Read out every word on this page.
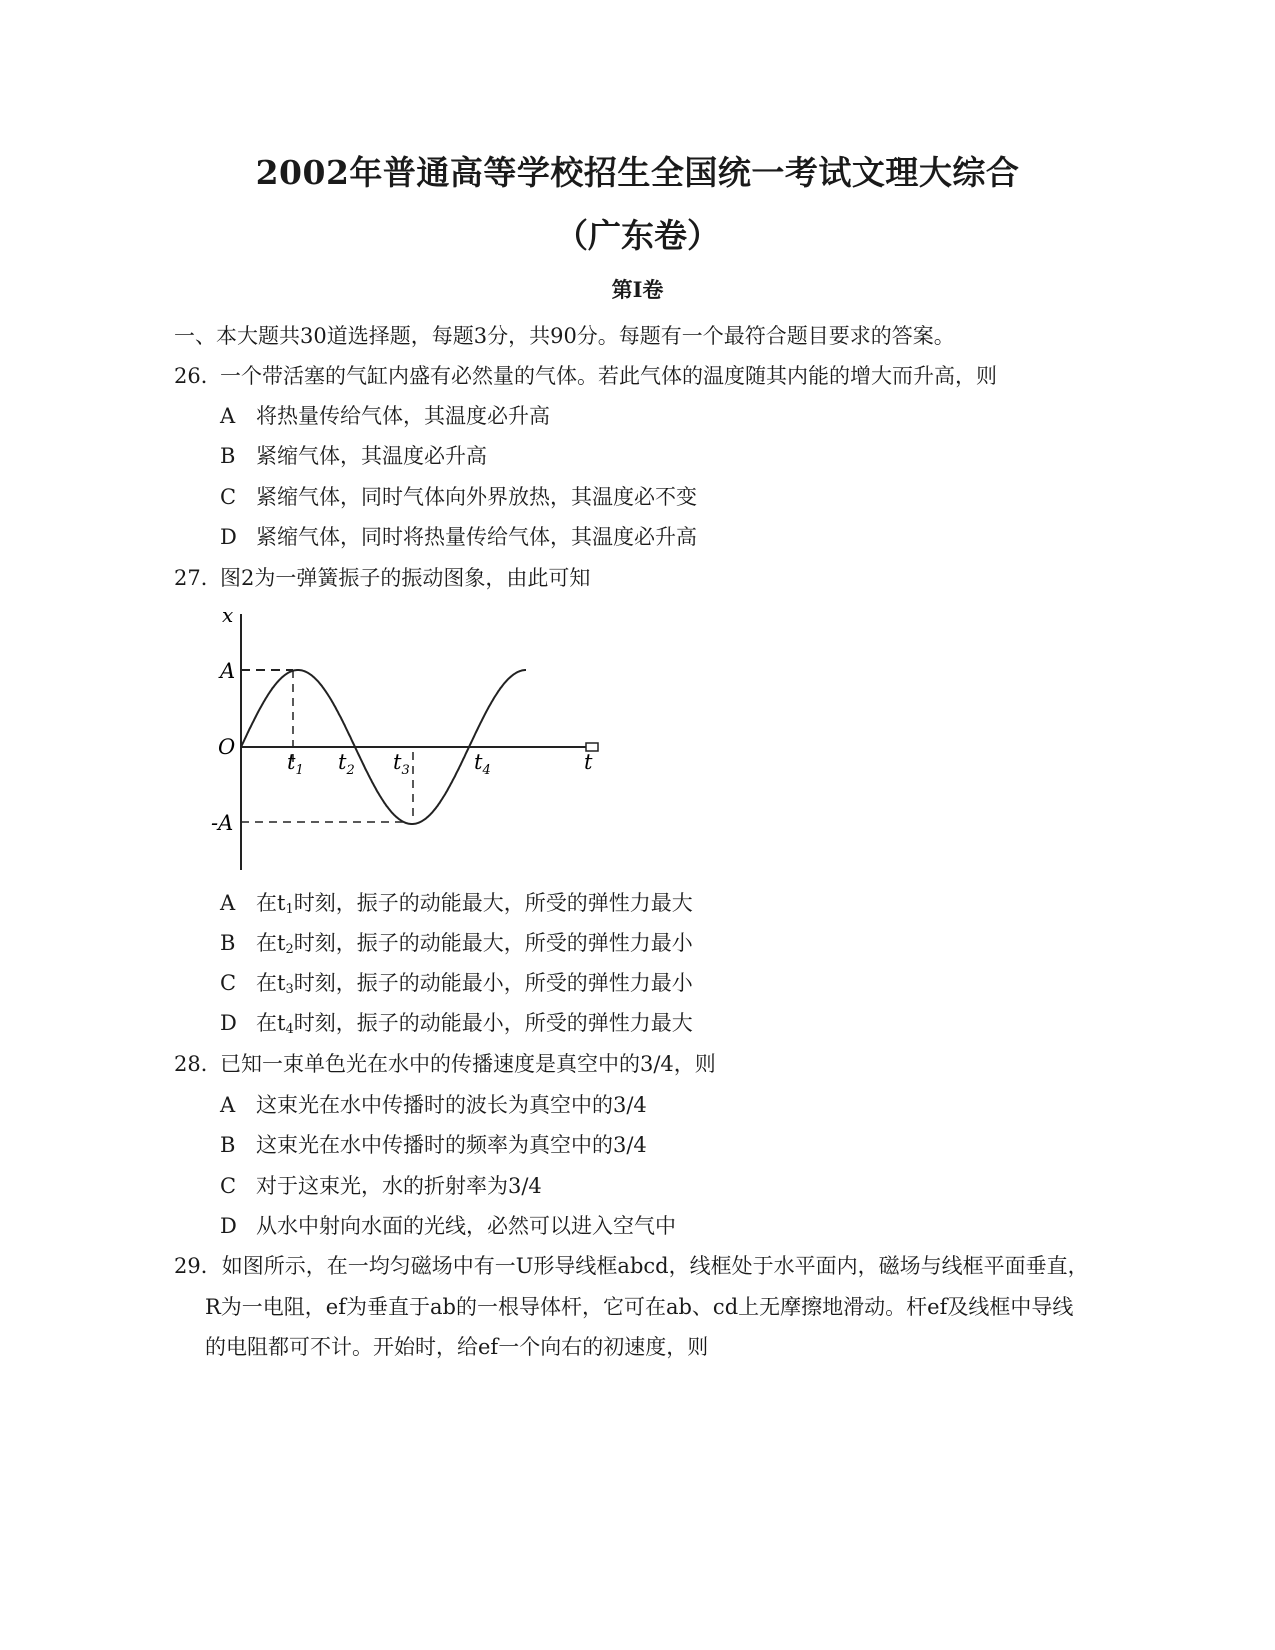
2002年普通高等学校招生全国统一考试文理大综合
（广东卷）
第Ⅰ卷
一、本大题共30道选择题，每题3分，共90分。每题有一个最符合题目要求的答案。
26．一个带活塞的气缸内盛有必然量的气体。若此气体的温度随其内能的增大而升高，则
A 将热量传给气体，其温度必升高
B 紧缩气体，其温度必升高
C 紧缩气体，同时气体向外界放热，其温度必不变
D 紧缩气体，同时将热量传给气体，其温度必升高
27．图2为一弹簧振子的振动图象，由此可知
x
A
O
-A
$t_1$ $t_2$ $t_3$	$t_4$	t
A 在$t_1$时刻，振子的动能最大，所受的弹性力最大
B 在$t_2$时刻，振子的动能最大，所受的弹性力最小
C 在$t_3$时刻，振子的动能最小，所受的弹性力最小
D 在$t_4$时刻，振子的动能最小，所受的弹性力最大
28．已知一束单色光在水中的传播速度是真空中的3/4，则
A 这束光在水中传播时的波长为真空中的3/4
B 这束光在水中传播时的频率为真空中的3/4
C 对于这束光，水的折射率为3/4
D 从水中射向水面的光线，必然可以进入空气中
29．如图所示，在一均匀磁场中有一U形导线框abcd，线框处于水平面内，磁场与线框平面垂直，
R为一电阻，ef为垂直于ab的一根导体杆，它可在ab、cd上无摩擦地滑动。杆ef及线框中导线
的电阻都可不计。开始时，给ef一个向右的初速度，则
